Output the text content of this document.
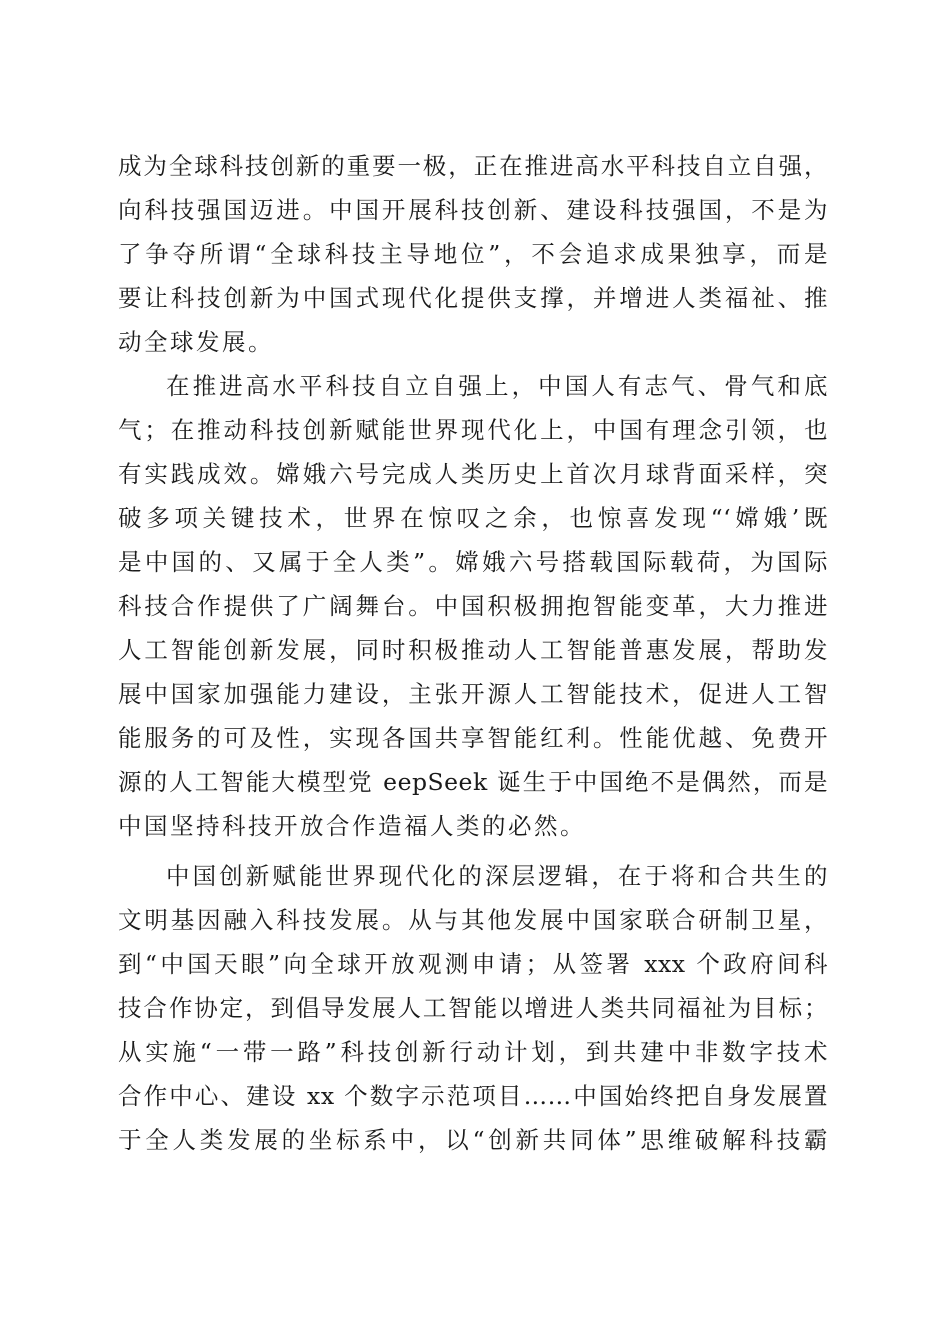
成为全球科技创新的重要一极，正在推进高水平科技自立自强，
向科技强国迈进。中国开展科技创新、建设科技强国，不是为
了争夺所谓“全球科技主导地位”，不会追求成果独享，而是
要让科技创新为中国式现代化提供支撑，并增进人类福祉、推
动全球发展。
在推进高水平科技自立自强上，中国人有志气、骨气和底
气；在推动科技创新赋能世界现代化上，中国有理念引领，也
有实践成效。嫦娥六号完成人类历史上首次月球背面采样，突
破多项关键技术，世界在惊叹之余，也惊喜发现“‘嫦娥’既
是中国的、又属于全人类”。嫦娥六号搭载国际载荷，为国际
科技合作提供了广阔舞台。中国积极拥抱智能变革，大力推进
人工智能创新发展，同时积极推动人工智能普惠发展，帮助发
展中国家加强能力建设，主张开源人工智能技术，促进人工智
能服务的可及性，实现各国共享智能红利。性能优越、免费开
源的人工智能大模型党 eepSeek 诞生于中国绝不是偶然，而是
中国坚持科技开放合作造福人类的必然。
中国创新赋能世界现代化的深层逻辑，在于将和合共生的
文明基因融入科技发展。从与其他发展中国家联合研制卫星，
到“中国天眼”向全球开放观测申请；从签署 xxx 个政府间科
技合作协定，到倡导发展人工智能以增进人类共同福祉为目标；
从实施“一带一路”科技创新行动计划，到共建中非数字技术
合作中心、建设 xx 个数字示范项目……中国始终把自身发展置
于全人类发展的坐标系中，以“创新共同体”思维破解科技霸
